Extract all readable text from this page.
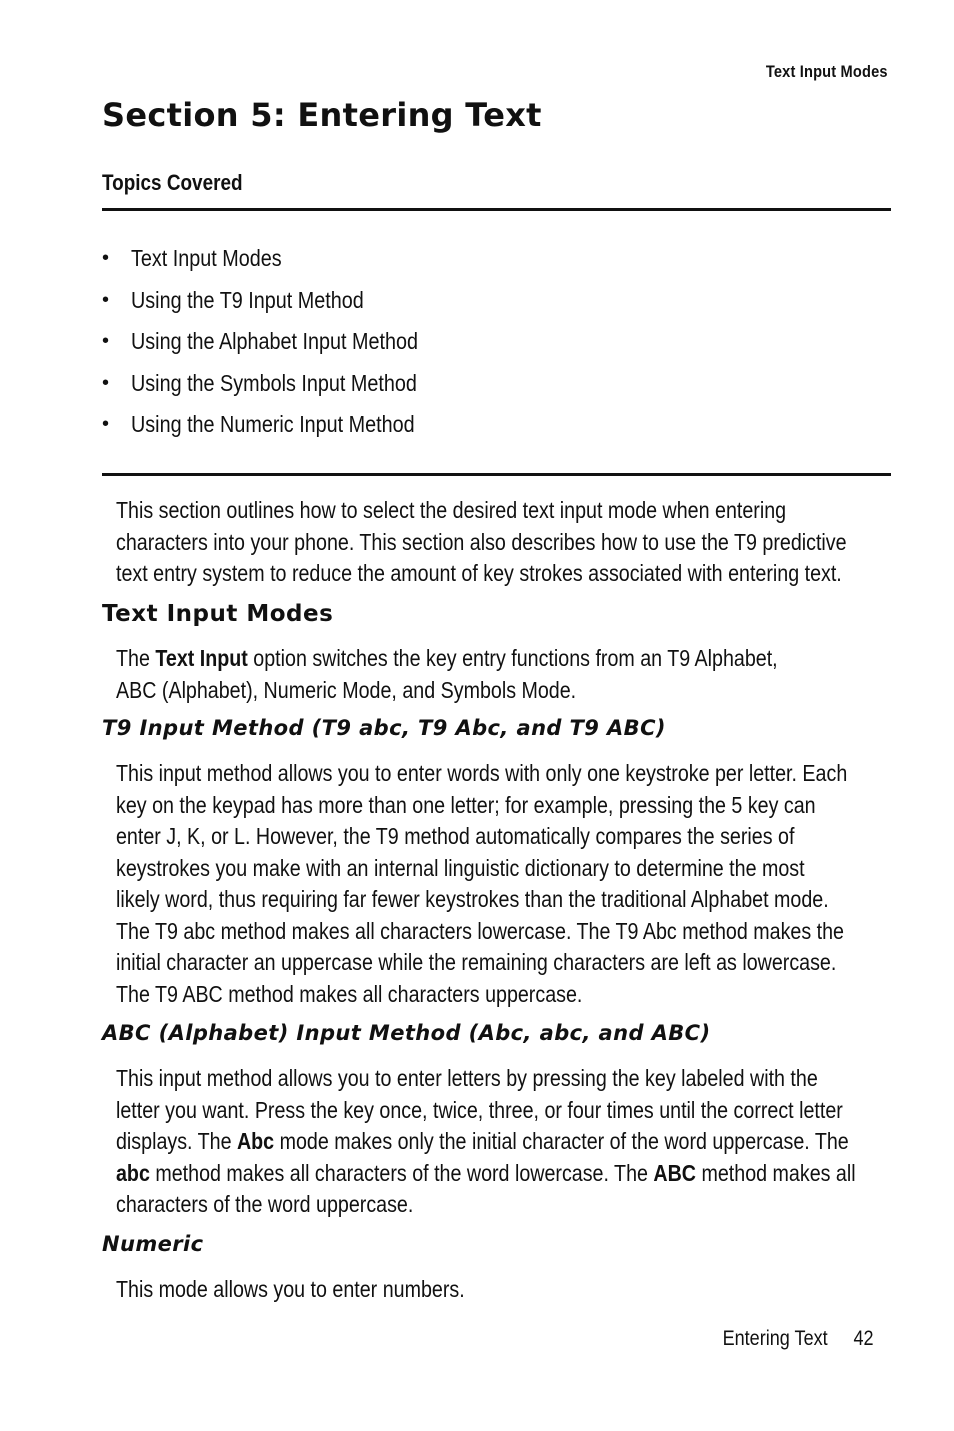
Text Input Modes
Section 5: Entering Text
Topics Covered
• Text Input Modes
• Using the T9 Input Method
• Using the Alphabet Input Method
• Using the Symbols Input Method
• Using the Numeric Input Method
This section outlines how to select the desired text input mode when entering
characters into your phone. This section also describes how to use the T9 predictive
text entry system to reduce the amount of key strokes associated with entering text.
Text Input Modes
The Text Input option switches the key entry functions from an T9 Alphabet,
ABC (Alphabet), Numeric Mode, and Symbols Mode.
T9 Input Method (T9 abc, T9 Abc, and T9 ABC)
This input method allows you to enter words with only one keystroke per letter. Each
key on the keypad has more than one letter; for example, pressing the 5 key can
enter J, K, or L. However, the T9 method automatically compares the series of
keystrokes you make with an internal linguistic dictionary to determine the most
likely word, thus requiring far fewer keystrokes than the traditional Alphabet mode.
The T9 abc method makes all characters lowercase. The T9 Abc method makes the
initial character an uppercase while the remaining characters are left as lowercase.
The T9 ABC method makes all characters uppercase.
ABC (Alphabet) Input Method (Abc, abc, and ABC)
This input method allows you to enter letters by pressing the key labeled with the
letter you want. Press the key once, twice, three, or four times until the correct letter
displays. The Abc mode makes only the initial character of the word uppercase. The
abc method makes all characters of the word lowercase. The ABC method makes all
characters of the word uppercase.
Numeric
This mode allows you to enter numbers.
Entering Text 42
